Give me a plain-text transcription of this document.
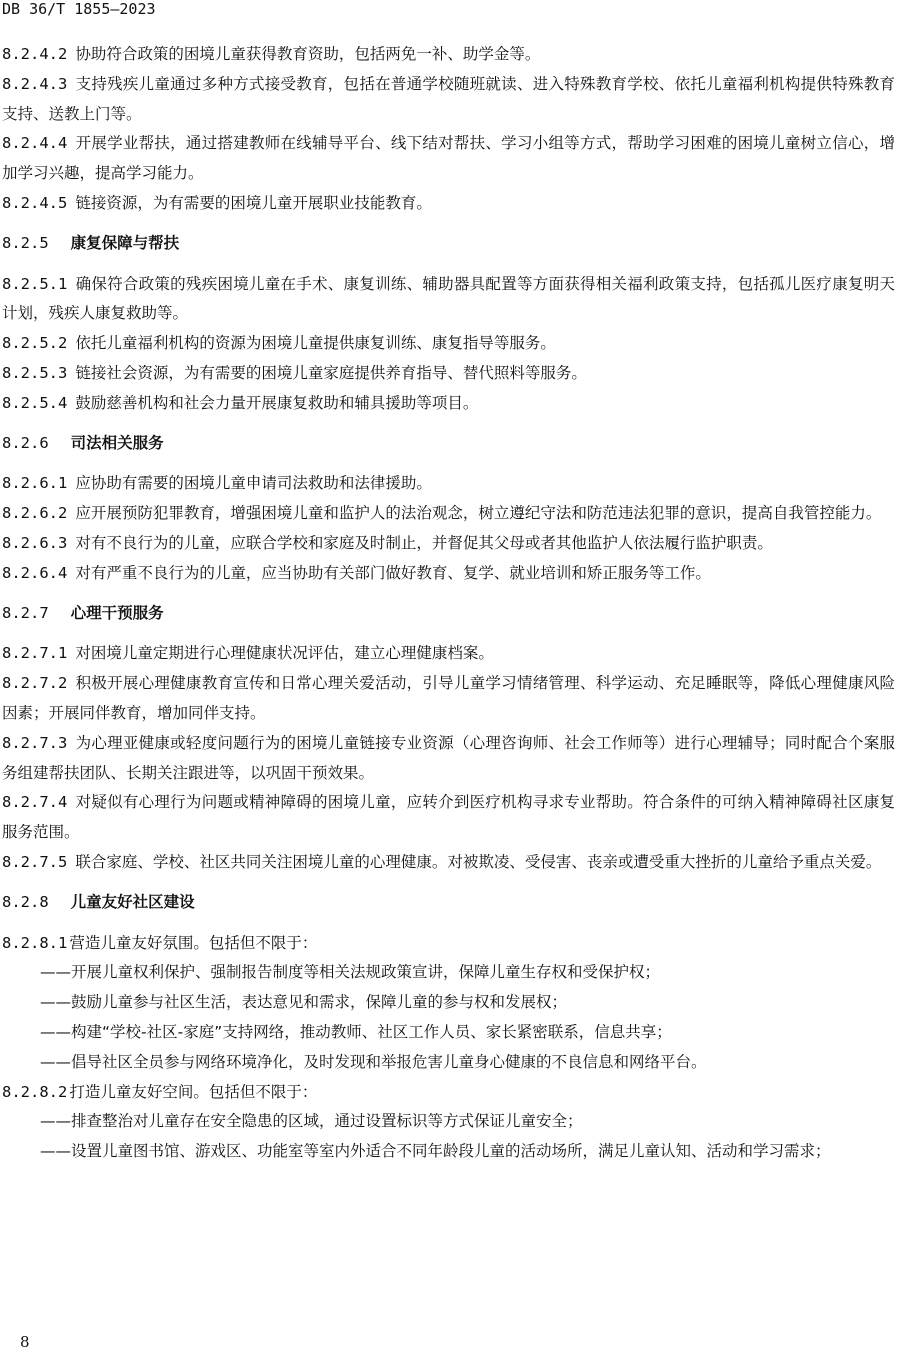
DB 36/T 1855—2023

8.2.4.2 协助符合政策的困境儿童获得教育资助，包括两免一补、助学金等。

8.2.4.3 支持残疾儿童通过多种方式接受教育，包括在普通学校随班就读、进入特殊教育学校、依托儿童福利机构提供特殊教育支持、送教上门等。

8.2.4.4 开展学业帮扶，通过搭建教师在线辅导平台、线下结对帮扶、学习小组等方式，帮助学习困难的困境儿童树立信心，增加学习兴趣，提高学习能力。

8.2.4.5 链接资源，为有需要的困境儿童开展职业技能教育。

8.2.5 康复保障与帮扶

8.2.5.1 确保符合政策的残疾困境儿童在手术、康复训练、辅助器具配置等方面获得相关福利政策支持，包括孤儿医疗康复明天计划，残疾人康复救助等。

8.2.5.2 依托儿童福利机构的资源为困境儿童提供康复训练、康复指导等服务。

8.2.5.3 链接社会资源，为有需要的困境儿童家庭提供养育指导、替代照料等服务。

8.2.5.4 鼓励慈善机构和社会力量开展康复救助和辅具援助等项目。

8.2.6 司法相关服务

8.2.6.1 应协助有需要的困境儿童申请司法救助和法律援助。

8.2.6.2 应开展预防犯罪教育，增强困境儿童和监护人的法治观念，树立遵纪守法和防范违法犯罪的意识，提高自我管控能力。

8.2.6.3 对有不良行为的儿童，应联合学校和家庭及时制止，并督促其父母或者其他监护人依法履行监护职责。

8.2.6.4 对有严重不良行为的儿童，应当协助有关部门做好教育、复学、就业培训和矫正服务等工作。

8.2.7 心理干预服务

8.2.7.1 对困境儿童定期进行心理健康状况评估，建立心理健康档案。

8.2.7.2 积极开展心理健康教育宣传和日常心理关爱活动，引导儿童学习情绪管理、科学运动、充足睡眠等，降低心理健康风险因素；开展同伴教育，增加同伴支持。

8.2.7.3 为心理亚健康或轻度问题行为的困境儿童链接专业资源（心理咨询师、社会工作师等）进行心理辅导；同时配合个案服务组建帮扶团队、长期关注跟进等，以巩固干预效果。

8.2.7.4 对疑似有心理行为问题或精神障碍的困境儿童，应转介到医疗机构寻求专业帮助。符合条件的可纳入精神障碍社区康复服务范围。

8.2.7.5 联合家庭、学校、社区共同关注困境儿童的心理健康。对被欺凌、受侵害、丧亲或遭受重大挫折的儿童给予重点关爱。

8.2.8 儿童友好社区建设

8.2.8.1 营造儿童友好氛围。包括但不限于：

——开展儿童权利保护、强制报告制度等相关法规政策宣讲，保障儿童生存权和受保护权；

——鼓励儿童参与社区生活，表达意见和需求，保障儿童的参与权和发展权；

——构建“学校-社区-家庭”支持网络，推动教师、社区工作人员、家长紧密联系，信息共享；

——倡导社区全员参与网络环境净化，及时发现和举报危害儿童身心健康的不良信息和网络平台。

8.2.8.2 打造儿童友好空间。包括但不限于：

——排查整治对儿童存在安全隐患的区域，通过设置标识等方式保证儿童安全；

——设置儿童图书馆、游戏区、功能室等室内外适合不同年龄段儿童的活动场所，满足儿童认知、活动和学习需求；

8
